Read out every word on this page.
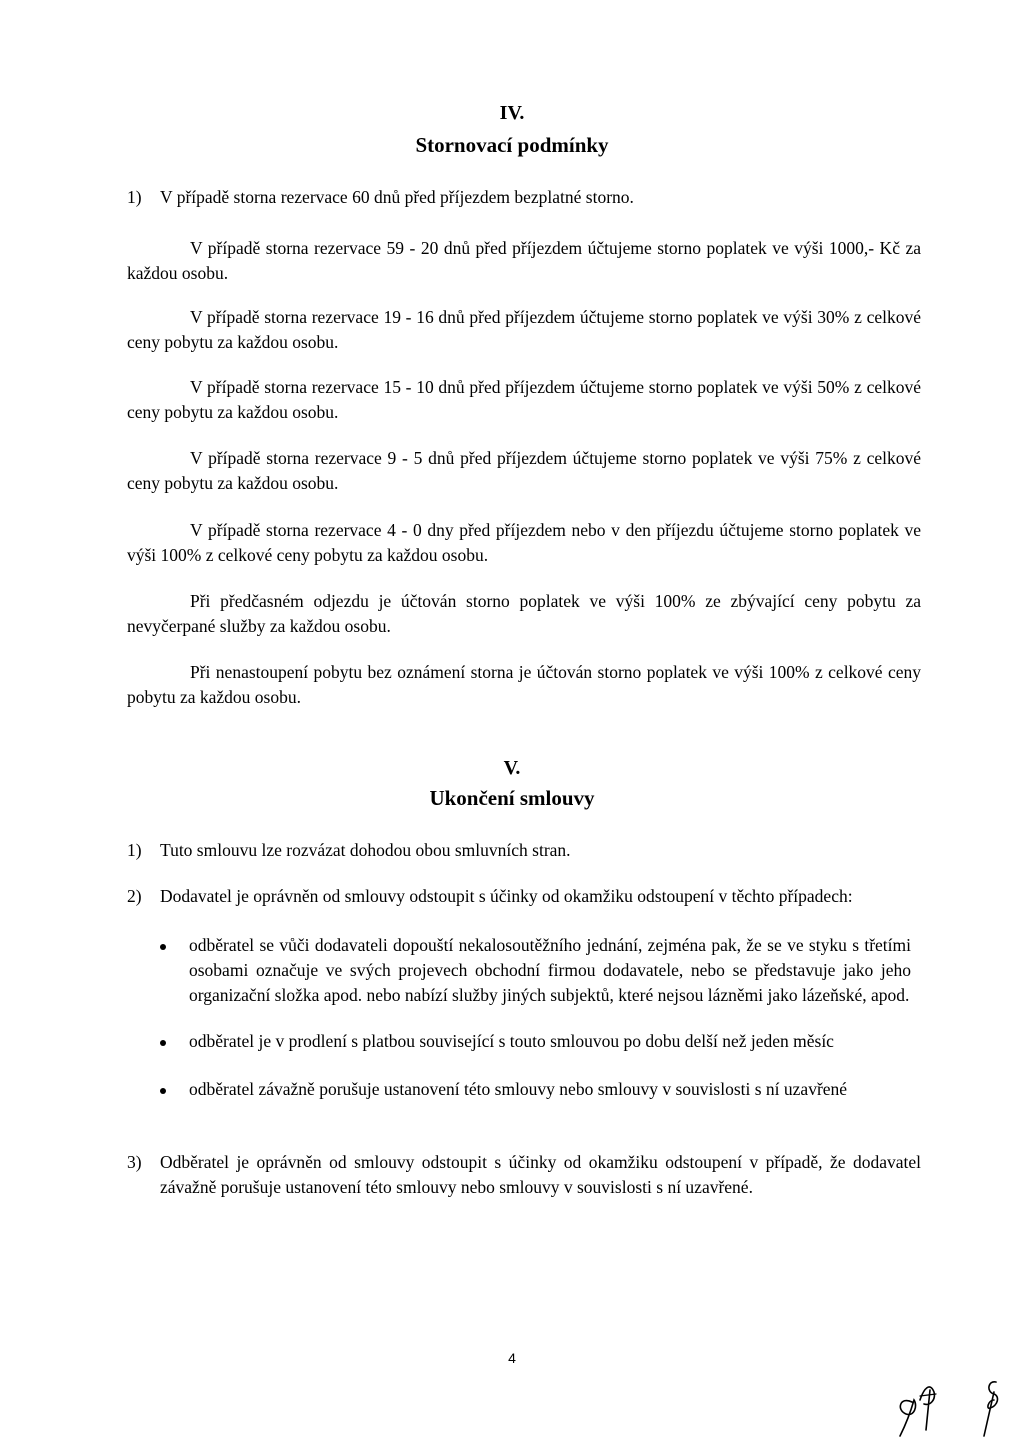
IV.
Stornovací podmínky
1) V případě storna rezervace 60 dnů před příjezdem bezplatné storno.
V případě storna rezervace 59 - 20 dnů před příjezdem účtujeme storno poplatek ve výši 1000,- Kč za každou osobu.
V případě storna rezervace 19 - 16 dnů před příjezdem účtujeme storno poplatek ve výši 30% z celkové ceny pobytu za každou osobu.
V případě storna rezervace 15 - 10 dnů před příjezdem účtujeme storno poplatek ve výši 50% z celkové ceny pobytu za každou osobu.
V případě storna rezervace 9 - 5 dnů před příjezdem účtujeme storno poplatek ve výši 75% z celkové ceny pobytu za každou osobu.
V případě storna rezervace 4 - 0 dny před příjezdem nebo v den příjezdu účtujeme storno poplatek ve výši 100% z celkové ceny pobytu za každou osobu.
Při předčasném odjezdu je účtován storno poplatek ve výši 100% ze zbývající ceny pobytu za nevyčerpané služby za každou osobu.
Při nenastoupení pobytu bez oznámení storna je účtován storno poplatek ve výši 100% z celkové ceny pobytu za každou osobu.
V.
Ukončení smlouvy
1) Tuto smlouvu lze rozvázat dohodou obou smluvních stran.
2) Dodavatel je oprávněn od smlouvy odstoupit s účinky od okamžiku odstoupení v těchto případech:
odběratel se vůči dodavateli dopouští nekalosoutěžního jednání, zejména pak, že se ve styku s třetími osobami označuje ve svých projevech obchodní firmou dodavatele, nebo se představuje jako jeho organizační složka apod. nebo nabízí služby jiných subjektů, které nejsou lázněmi jako lázeňské, apod.
odběratel je v prodlení s platbou související s touto smlouvou po dobu delší než jeden měsíc
odběratel závažně porušuje ustanovení této smlouvy nebo smlouvy v souvislosti s ní uzavřené
3) Odběratel je oprávněn od smlouvy odstoupit s účinky od okamžiku odstoupení v případě, že dodavatel závažně porušuje ustanovení této smlouvy nebo smlouvy v souvislosti s ní uzavřené.
4
